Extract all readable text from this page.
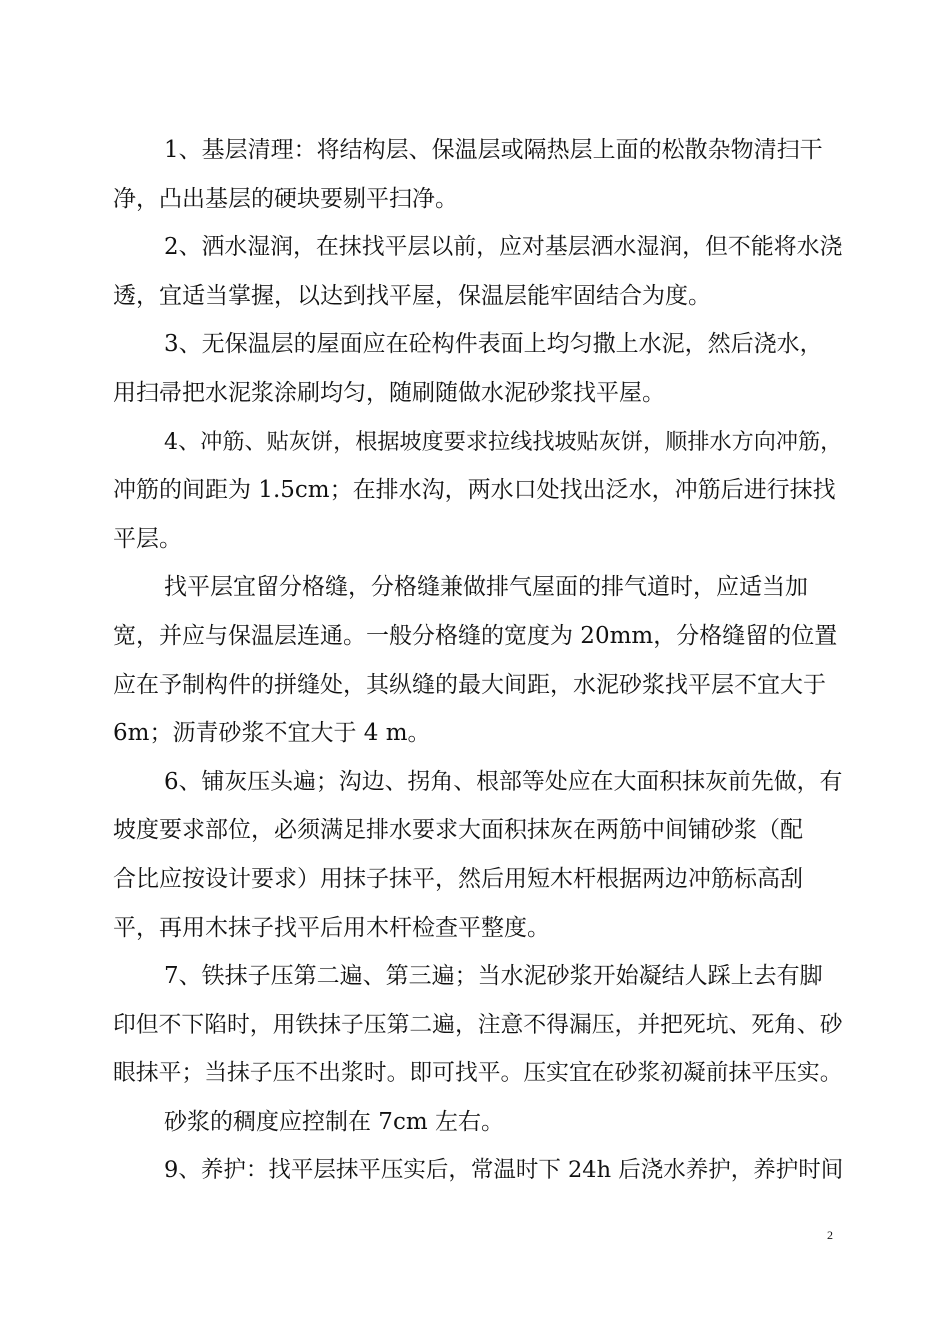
1、基层清理：将结构层、保温层或隔热层上面的松散杂物清扫干
净，凸出基层的硬块要剔平扫净。
2、洒水湿润，在抹找平层以前，应对基层洒水湿润，但不能将水浇
透，宜适当掌握，以达到找平屋，保温层能牢固结合为度。
3、无保温层的屋面应在砼构件表面上均匀撒上水泥，然后浇水，
用扫帚把水泥浆涂刷均匀，随刷随做水泥砂浆找平屋。
4、冲筋、贴灰饼，根据坡度要求拉线找坡贴灰饼，顺排水方向冲筋，
冲筋的间距为 1.5cm；在排水沟，两水口处找出泛水，冲筋后进行抹找
平层。
找平层宜留分格缝，分格缝兼做排气屋面的排气道时，应适当加
宽，并应与保温层连通。一般分格缝的宽度为 20mm，分格缝留的位置
应在予制构件的拼缝处，其纵缝的最大间距，水泥砂浆找平层不宜大于
6m；沥青砂浆不宜大于 4 m。
6、铺灰压头遍；沟边、拐角、根部等处应在大面积抹灰前先做，有
坡度要求部位，必须满足排水要求大面积抹灰在两筋中间铺砂浆（配
合比应按设计要求）用抹子抹平，然后用短木杆根据两边冲筋标高刮
平，再用木抹子找平后用木杆检查平整度。
7、铁抹子压第二遍、第三遍；当水泥砂浆开始凝结人踩上去有脚
印但不下陷时，用铁抹子压第二遍，注意不得漏压，并把死坑、死角、砂
眼抹平；当抹子压不出浆时。即可找平。压实宜在砂浆初凝前抹平压实。
砂浆的稠度应控制在 7cm 左右。
9、养护：找平层抹平压实后，常温时下 24h 后浇水养护，养护时间
2
